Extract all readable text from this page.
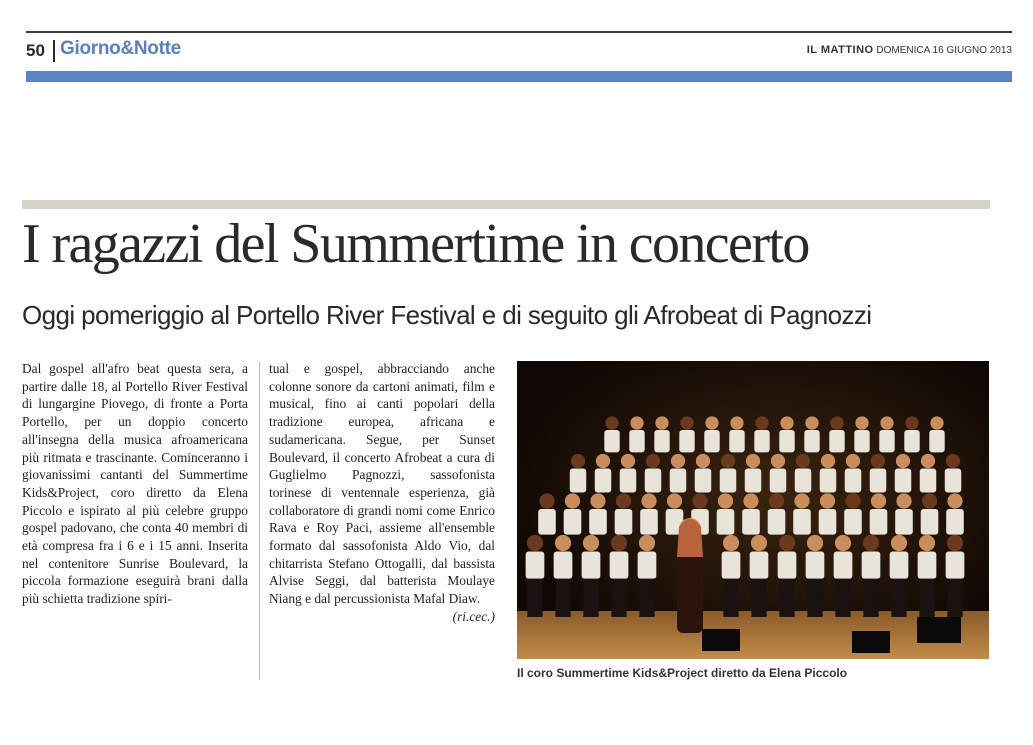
50 Giorno&Notte	IL MATTINO DOMENICA 16 GIUGNO 2013
I ragazzi del Summertime in concerto
Oggi pomeriggio al Portello River Festival e di seguito gli Afrobeat di Pagnozzi
Dal gospel all'afro beat questa sera, a partire dalle 18, al Portello River Festival di lungargine Piovego, di fronte a Porta Portello, per un doppio concerto all'insegna della musica afroamericana più ritmata e trascinante. Cominceranno i giovanissimi cantanti del Summertime Kids&Project, coro diretto da Elena Piccolo e ispirato al più celebre gruppo gospel padovano, che conta 40 membri di età compresa fra i 6 e i 15 anni. Inserita nel contenitore Sunrise Boulevard, la piccola formazione eseguirà brani dalla più schietta tradizione spiri-
tual e gospel, abbracciando anche colonne sonore da cartoni animati, film e musical, fino ai canti popolari della tradizione europea, africana e sudamericana. Segue, per Sunset Boulevard, il concerto Afrobeat a cura di Guglielmo Pagnozzi, sassofonista torinese di ventennale esperienza, già collaboratore di grandi nomi come Enrico Rava e Roy Paci, assieme all'ensemble formato dal sassofonista Aldo Vio, dal chitarrista Stefano Ottogalli, dal bassista Alvise Seggi, dal batterista Moulaye Niang e dal percussionista Mafal Diaw.
(ri.cec.)
Il coro Summertime Kids&Project diretto da Elena Piccolo
